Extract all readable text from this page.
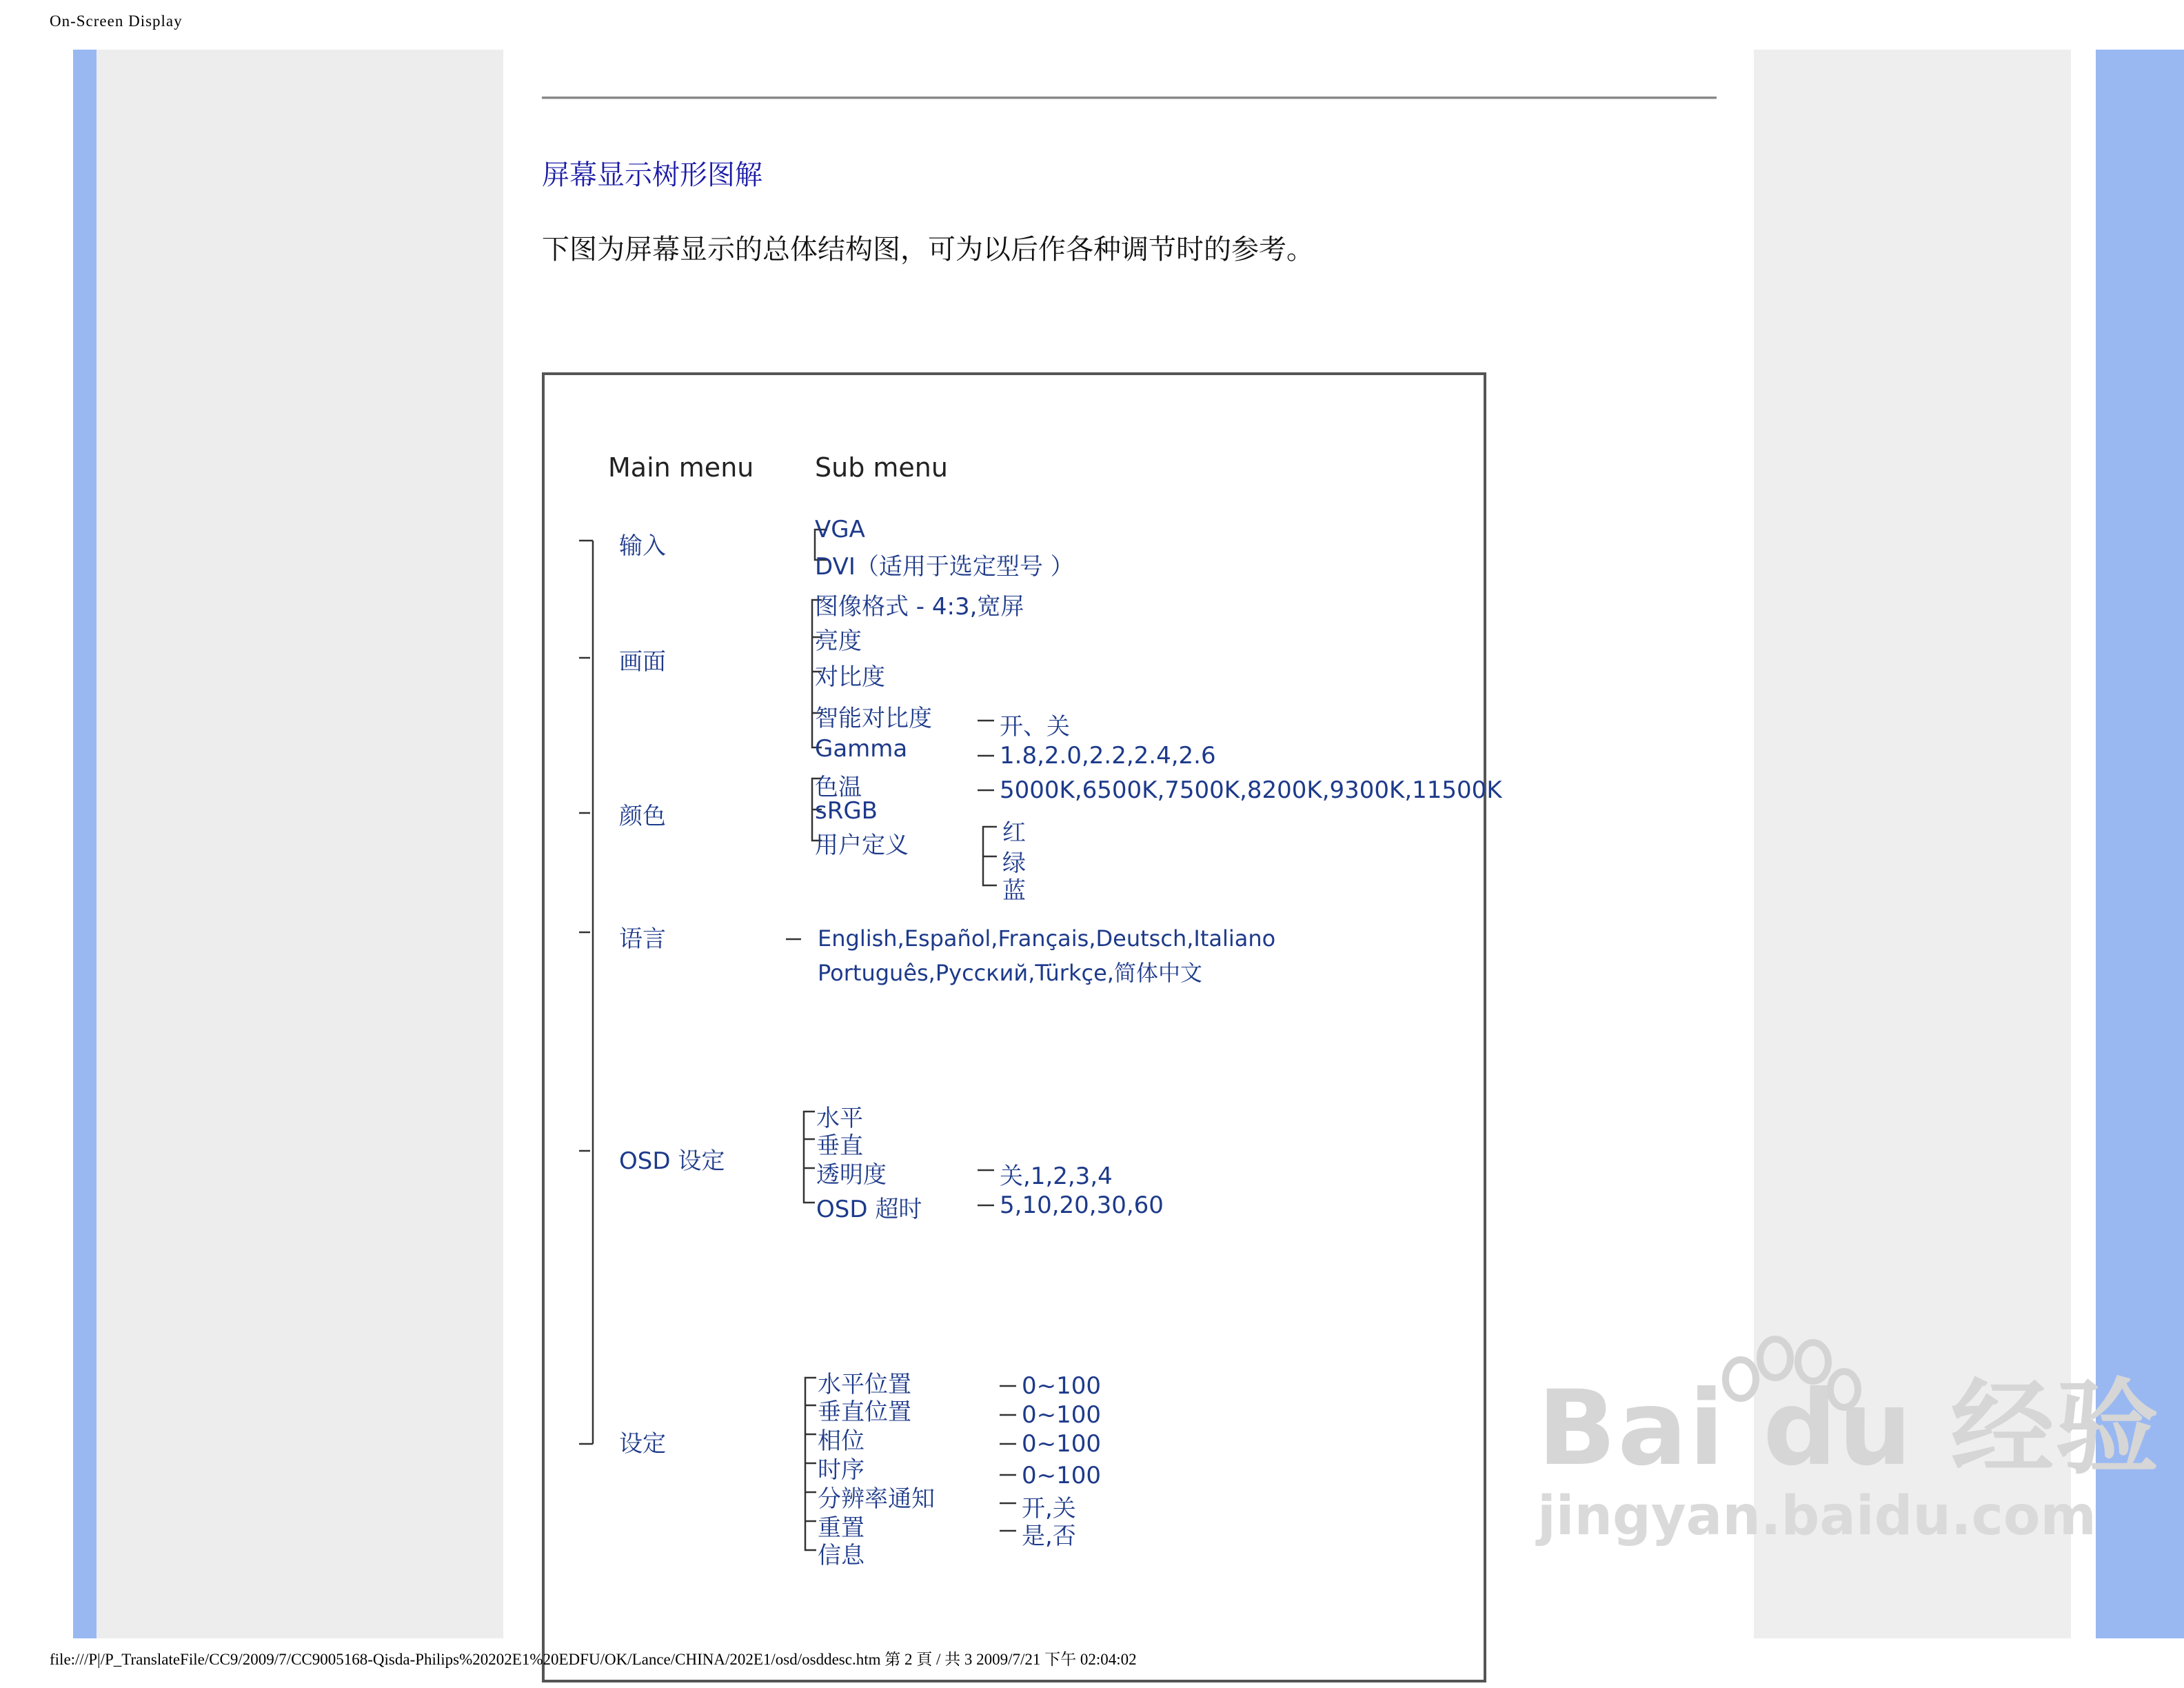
On-Screen Display
屏幕显示树形图解
下图为屏幕显示的总体结构图，可为以后作各种调节时的参考。
Main menu Sub menu
输入
画面
颜色
语言
OSD 设定
设定
VGA
DVI（适用于选定型号 ）
图像格式 - 4:3,宽屏
亮度
对比度
智能对比度
Gamma
开、关
1.8,2.0,2.2,2.4,2.6
色温
sRGB
用户定义
5000K,6500K,7500K,8200K,9300K,11500K
红
绿
蓝
English,Español,Français,Deutsch,Italiano
Português,Русский,Türkçe,简体中文
水平
垂直
透明度
OSD 超时
关,1,2,3,4
5,10,20,30,60
水平位置
垂直位置
相位
时序
分辨率通知
重置
信息
0~100
0~100
0~100
0~100
开,关
是,否
Bai du 经验
jingyan.baidu.com
file:///P|/P_TranslateFile/CC9/2009/7/CC9005168-Qisda-Philips%20202E1%20EDFU/OK/Lance/CHINA/202E1/osd/osddesc.htm 第 2 頁 / 共 3 2009/7/21 下午 02:04:02
